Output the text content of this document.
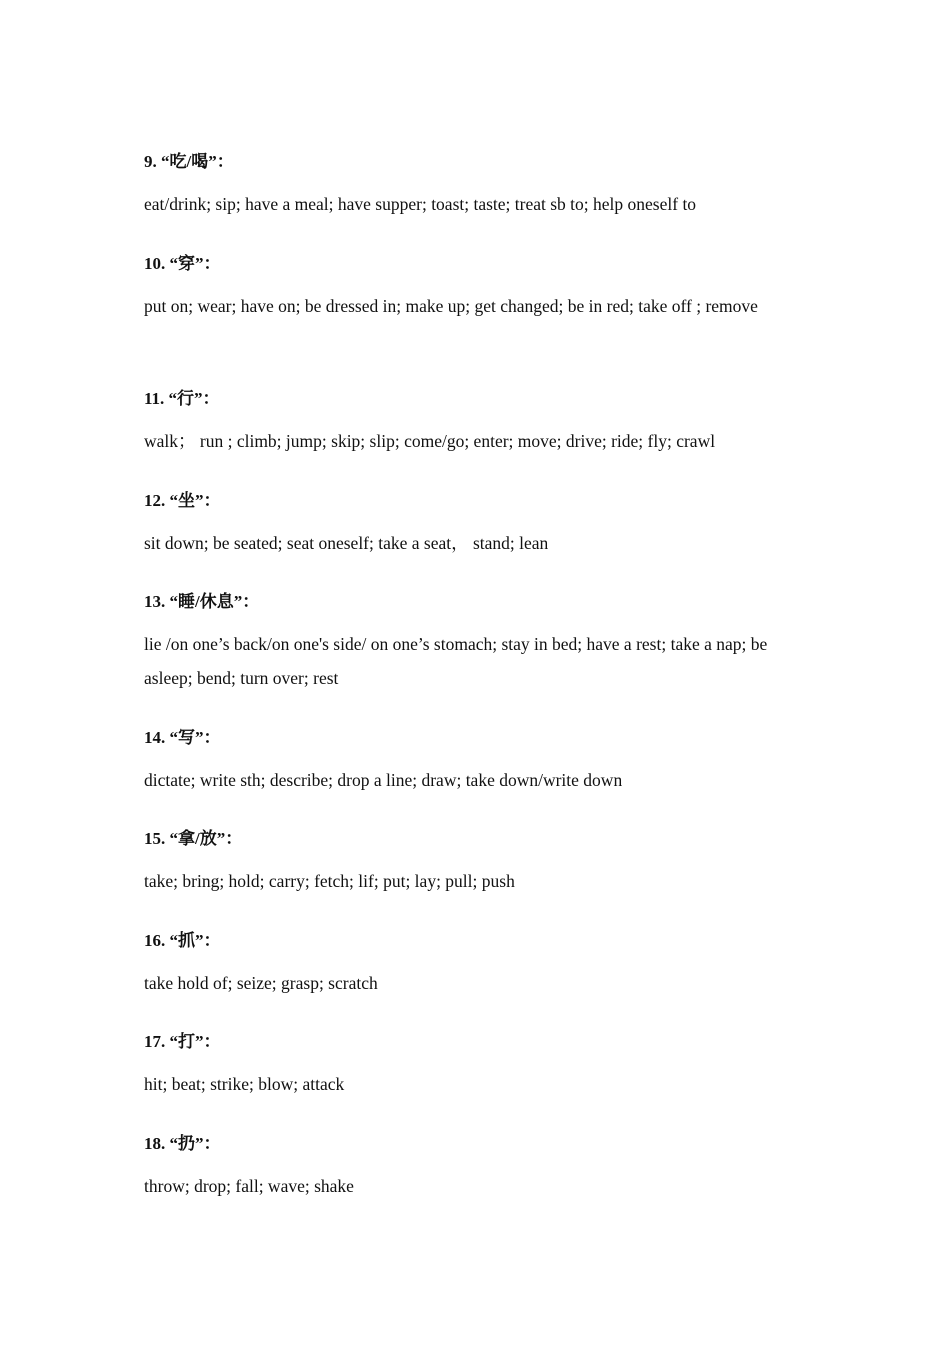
9. “吃/喝”：

eat/drink; sip; have a meal; have supper; toast; taste; treat sb to; help oneself to

10. “穿”：

put on; wear; have on; be dressed in; make up; get changed; be in red; take off ; remove

11. “行”：

walk； run ; climb; jump; skip; slip; come/go; enter; move; drive; ride; fly; crawl

12. “坐”：

sit down; be seated; seat oneself; take a seat， stand; lean

13. “睡/休息”：

lie /on one’s back/on one's side/ on one’s stomach; stay in bed; have a rest; take a nap; be asleep; bend; turn over; rest

14. “写”：

dictate; write sth; describe; drop a line; draw; take down/write down

15. “拿/放”：

take; bring; hold; carry; fetch; lif; put; lay; pull; push

16. “抓”：

take hold of; seize; grasp; scratch

17. “打”：

hit; beat; strike; blow; attack

18. “扔”：

throw; drop; fall; wave; shake
